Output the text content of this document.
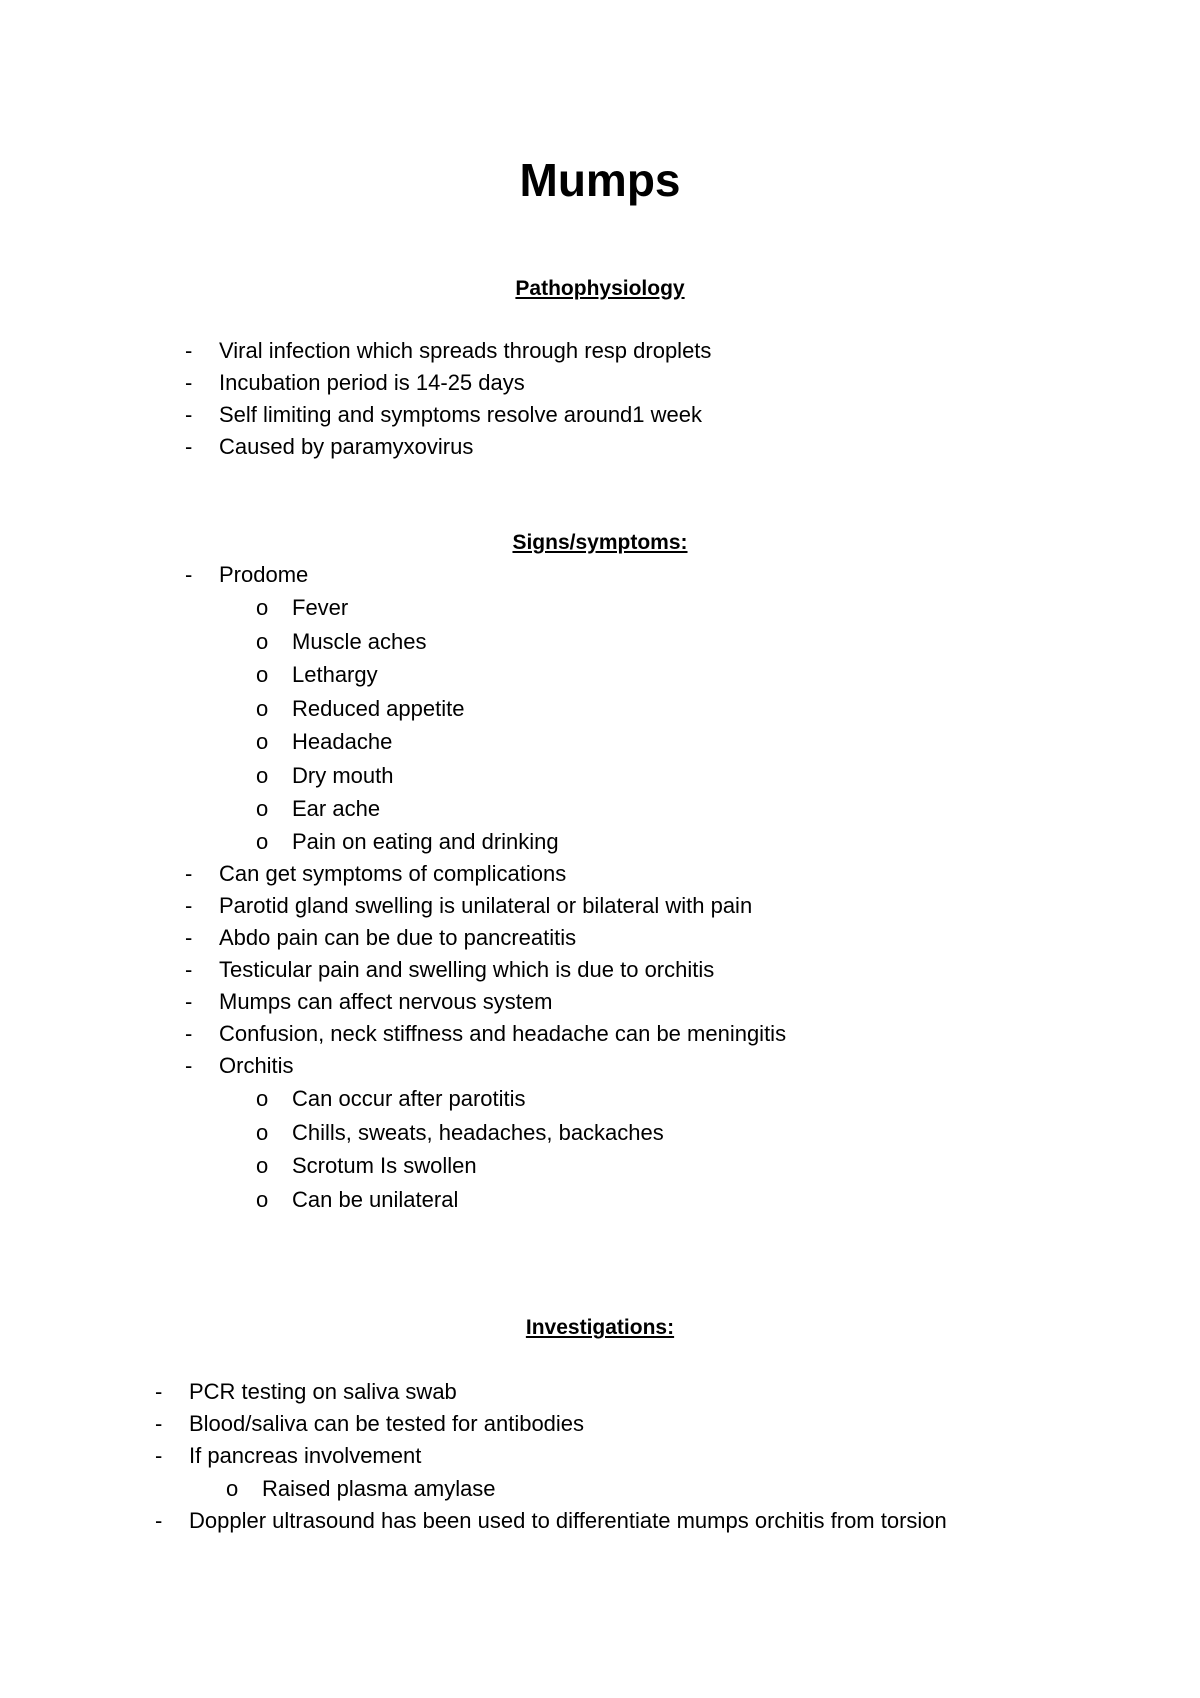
Mumps
Pathophysiology
- Viral infection which spreads through resp droplets
- Incubation period is 14-25 days
- Self limiting and symptoms resolve around1 week
- Caused by paramyxovirus
Signs/symptoms:
- Prodome
o Fever
o Muscle aches
o Lethargy
o Reduced appetite
o Headache
o Dry mouth
o Ear ache
o Pain on eating and drinking
- Can get symptoms of complications
- Parotid gland swelling is unilateral or bilateral with pain
- Abdo pain can be due to pancreatitis
- Testicular pain and swelling which is due to orchitis
- Mumps can affect nervous system
- Confusion, neck stiffness and headache can be meningitis
- Orchitis
o Can occur after parotitis
o Chills, sweats, headaches, backaches
o Scrotum Is swollen
o Can be unilateral
Investigations:
- PCR testing on saliva swab
- Blood/saliva can be tested for antibodies
- If pancreas involvement
o Raised plasma amylase
- Doppler ultrasound has been used to differentiate mumps orchitis from torsion
